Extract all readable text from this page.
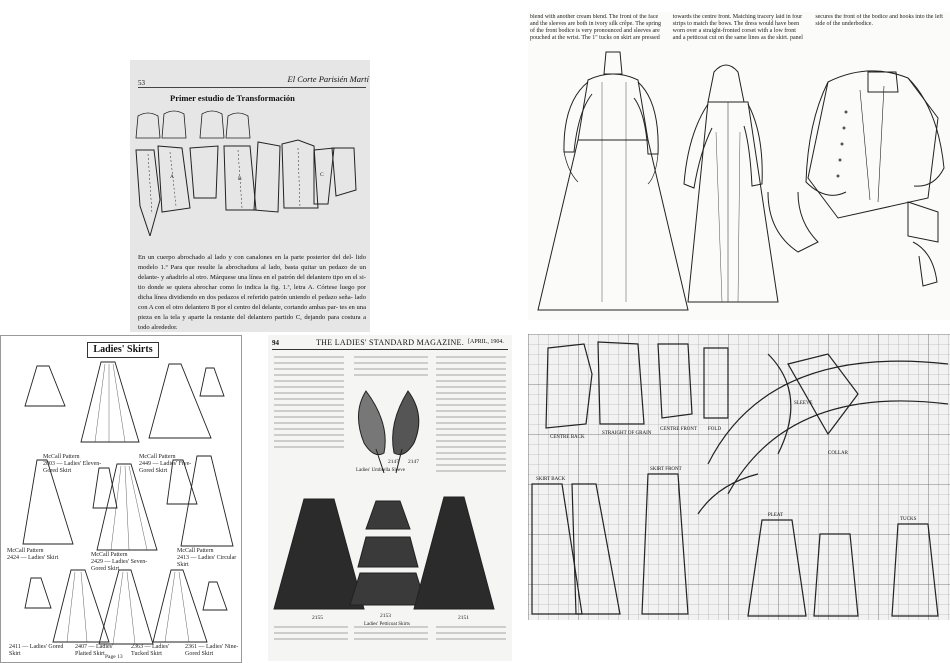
53	El Corte Parisién Martí
Primer estudio de Transformación
A	B
C
En un cuerpo abrochado al lado y con canalones en la parte posterior del del- lido modelo 1.º Para que resulte la abrochadura al lado, basta quitar un pedazo de un delante- y añadirlo al otro. Márquese una línea en el patrón del delantero tipo en el si- tio donde se quiera abrochar como lo indica la fig. 1.ª, letra A. Córtese luego por dicha línea dividiendo en dos pedazos el referido patrón uniendo el pedazo seña- lado con A con el otro delantero B por el centro del delante, cortando ambas par- tes en una pieza en la tela y aparte la restante del delantero partido C, dejando para costura a todo alrededor.
blend with another cream blend. The front of the face and the sleeves are both in ivory silk crêpe. The spring of the front bodice is very pronounced and sleeves are pouched at the wrist. The 1" tucks on skirt are pressed towards the centre front. Matching tracery laid in four strips to match the bows. The dress would have been worn over a straight-fronted corset with a low front and a petticoat cut on the same lines as the skirt. panel secures the front of the bodice and hooks into the left side of the underbodice.
Ladies' Skirts
McCall Pattern
2003 — Ladies' Eleven-Gored Skirt
McCall Pattern
2449 — Ladies' Five-Gored Skirt
McCall Pattern
2424 — Ladies' Skirt	McCall Pattern
2429 — Ladies' Seven-Gored Skirt
McCall Pattern
2413 — Ladies' Circular Skirt
2411 — Ladies' Gored Skirt
2407 — Ladies' Plaited Skirt
2363 — Ladies' Tucked Skirt
2361 — Ladies' Nine-Gored Skirt
Page 13
94	THE LADIES' STANDARD MAGAZINE. [APRIL, 1904.
2147 2147
2155	2153	2151
Ladies' Umbrella Sleeve
Ladies' Petticoat Skirts
CENTRE BACK
STRAIGHT OF GRAIN
CENTRE FRONT FOLD
SLEEVE
COLLAR
SKIRT BACK
SKIRT FRONT
PLEAT
TUCKS
